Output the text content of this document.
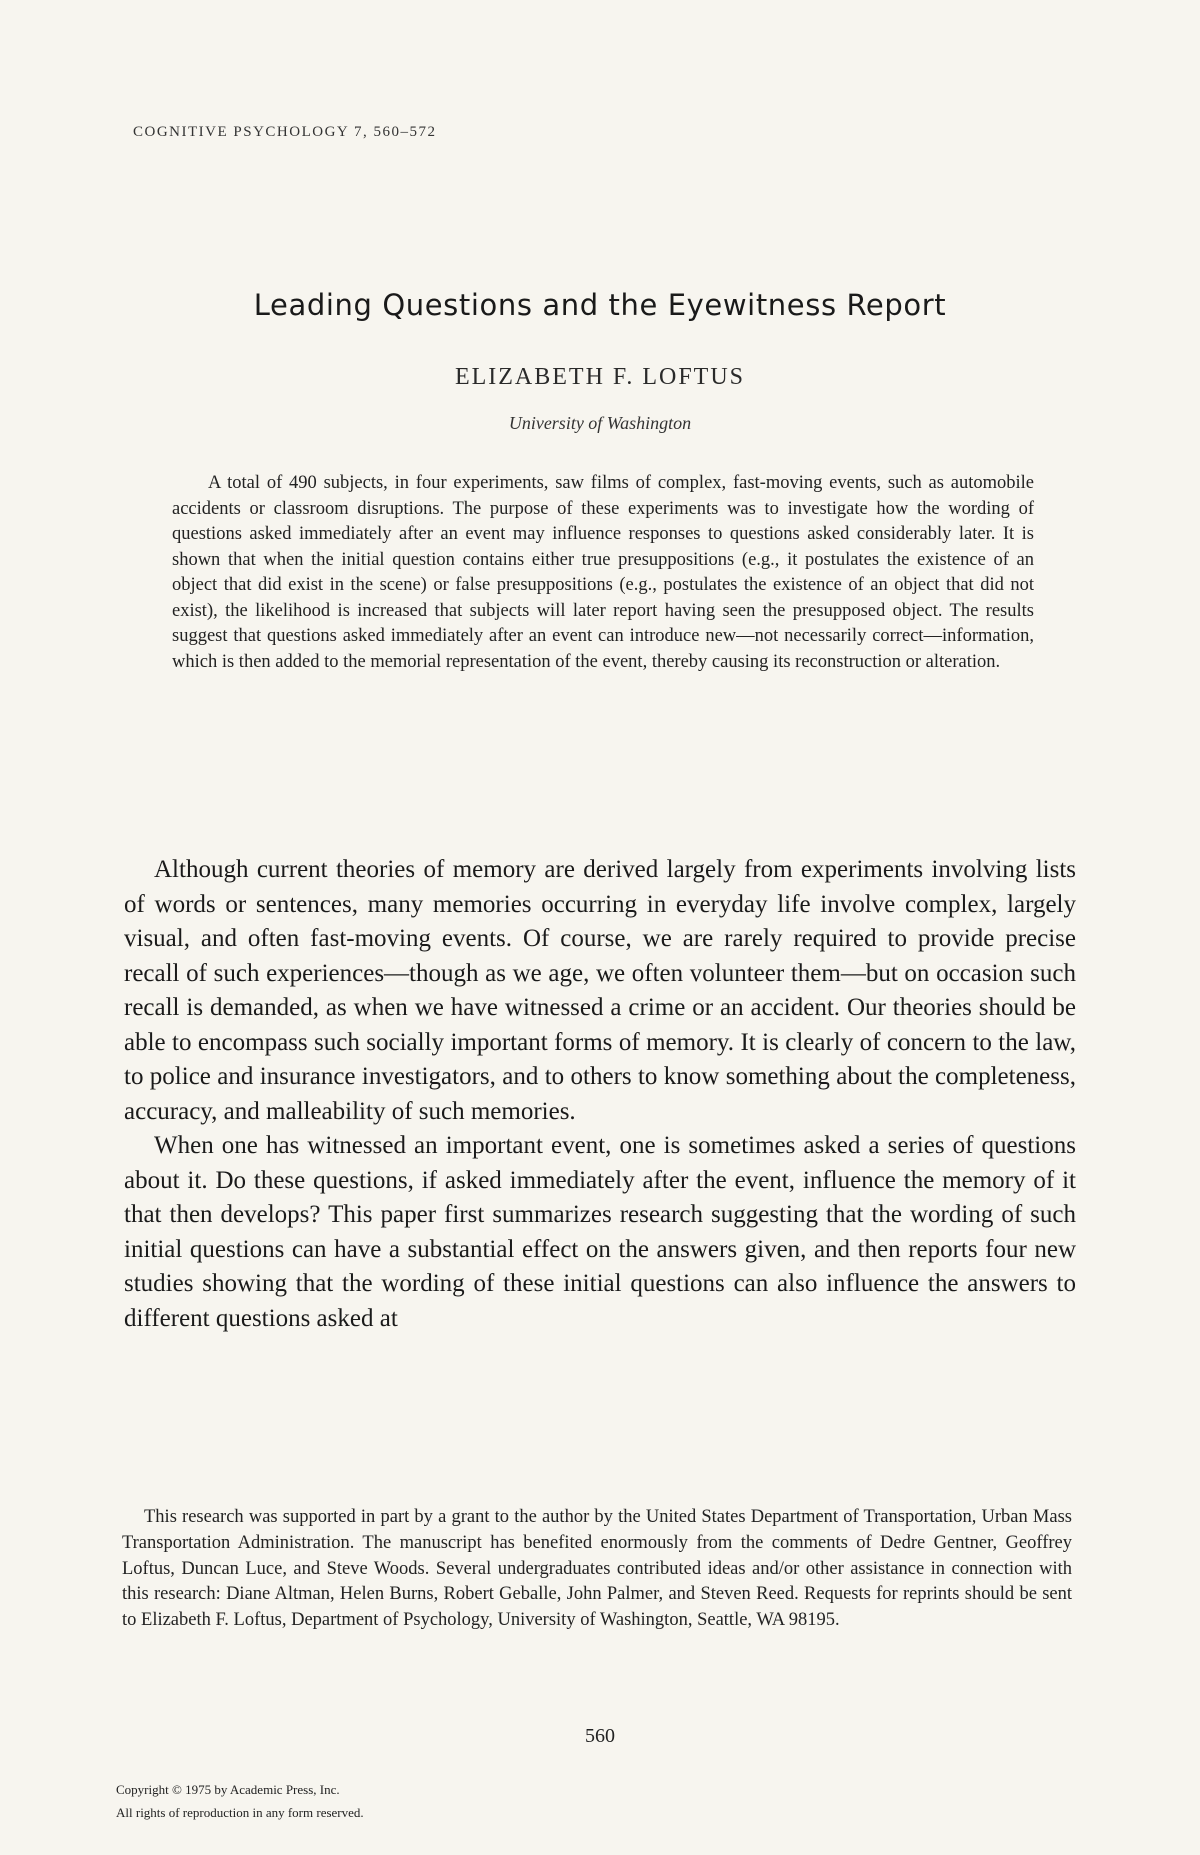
COGNITIVE PSYCHOLOGY 7, 560–572
Leading Questions and the Eyewitness Report
ELIZABETH F. LOFTUS
University of Washington

A total of 490 subjects, in four experiments, saw films of complex, fast-moving events, such as automobile accidents or classroom disruptions. The purpose of these experiments was to investigate how the wording of questions asked immediately after an event may influence responses to questions asked considerably later. It is shown that when the initial question contains either true presuppositions (e.g., it postulates the existence of an object that did exist in the scene) or false presuppositions (e.g., postulates the existence of an object that did not exist), the likelihood is increased that subjects will later report having seen the presupposed object. The results suggest that questions asked immediately after an event can introduce new—not necessarily correct—information, which is then added to the memorial representation of the event, thereby causing its reconstruction or alteration.

Although current theories of memory are derived largely from experiments involving lists of words or sentences, many memories occurring in everyday life involve complex, largely visual, and often fast-moving events. Of course, we are rarely required to provide precise recall of such experiences—though as we age, we often volunteer them—but on occasion such recall is demanded, as when we have witnessed a crime or an accident. Our theories should be able to encompass such socially important forms of memory. It is clearly of concern to the law, to police and insurance investigators, and to others to know something about the completeness, accuracy, and malleability of such memories.

When one has witnessed an important event, one is sometimes asked a series of questions about it. Do these questions, if asked immediately after the event, influence the memory of it that then develops? This paper first summarizes research suggesting that the wording of such initial questions can have a substantial effect on the answers given, and then reports four new studies showing that the wording of these initial questions can also influence the answers to different questions asked at

This research was supported in part by a grant to the author by the United States Department of Transportation, Urban Mass Transportation Administration. The manuscript has benefited enormously from the comments of Dedre Gentner, Geoffrey Loftus, Duncan Luce, and Steve Woods. Several undergraduates contributed ideas and/or other assistance in connection with this research: Diane Altman, Helen Burns, Robert Geballe, John Palmer, and Steven Reed. Requests for reprints should be sent to Elizabeth F. Loftus, Department of Psychology, University of Washington, Seattle, WA 98195.

560
Copyright © 1975 by Academic Press, Inc.
All rights of reproduction in any form reserved.
